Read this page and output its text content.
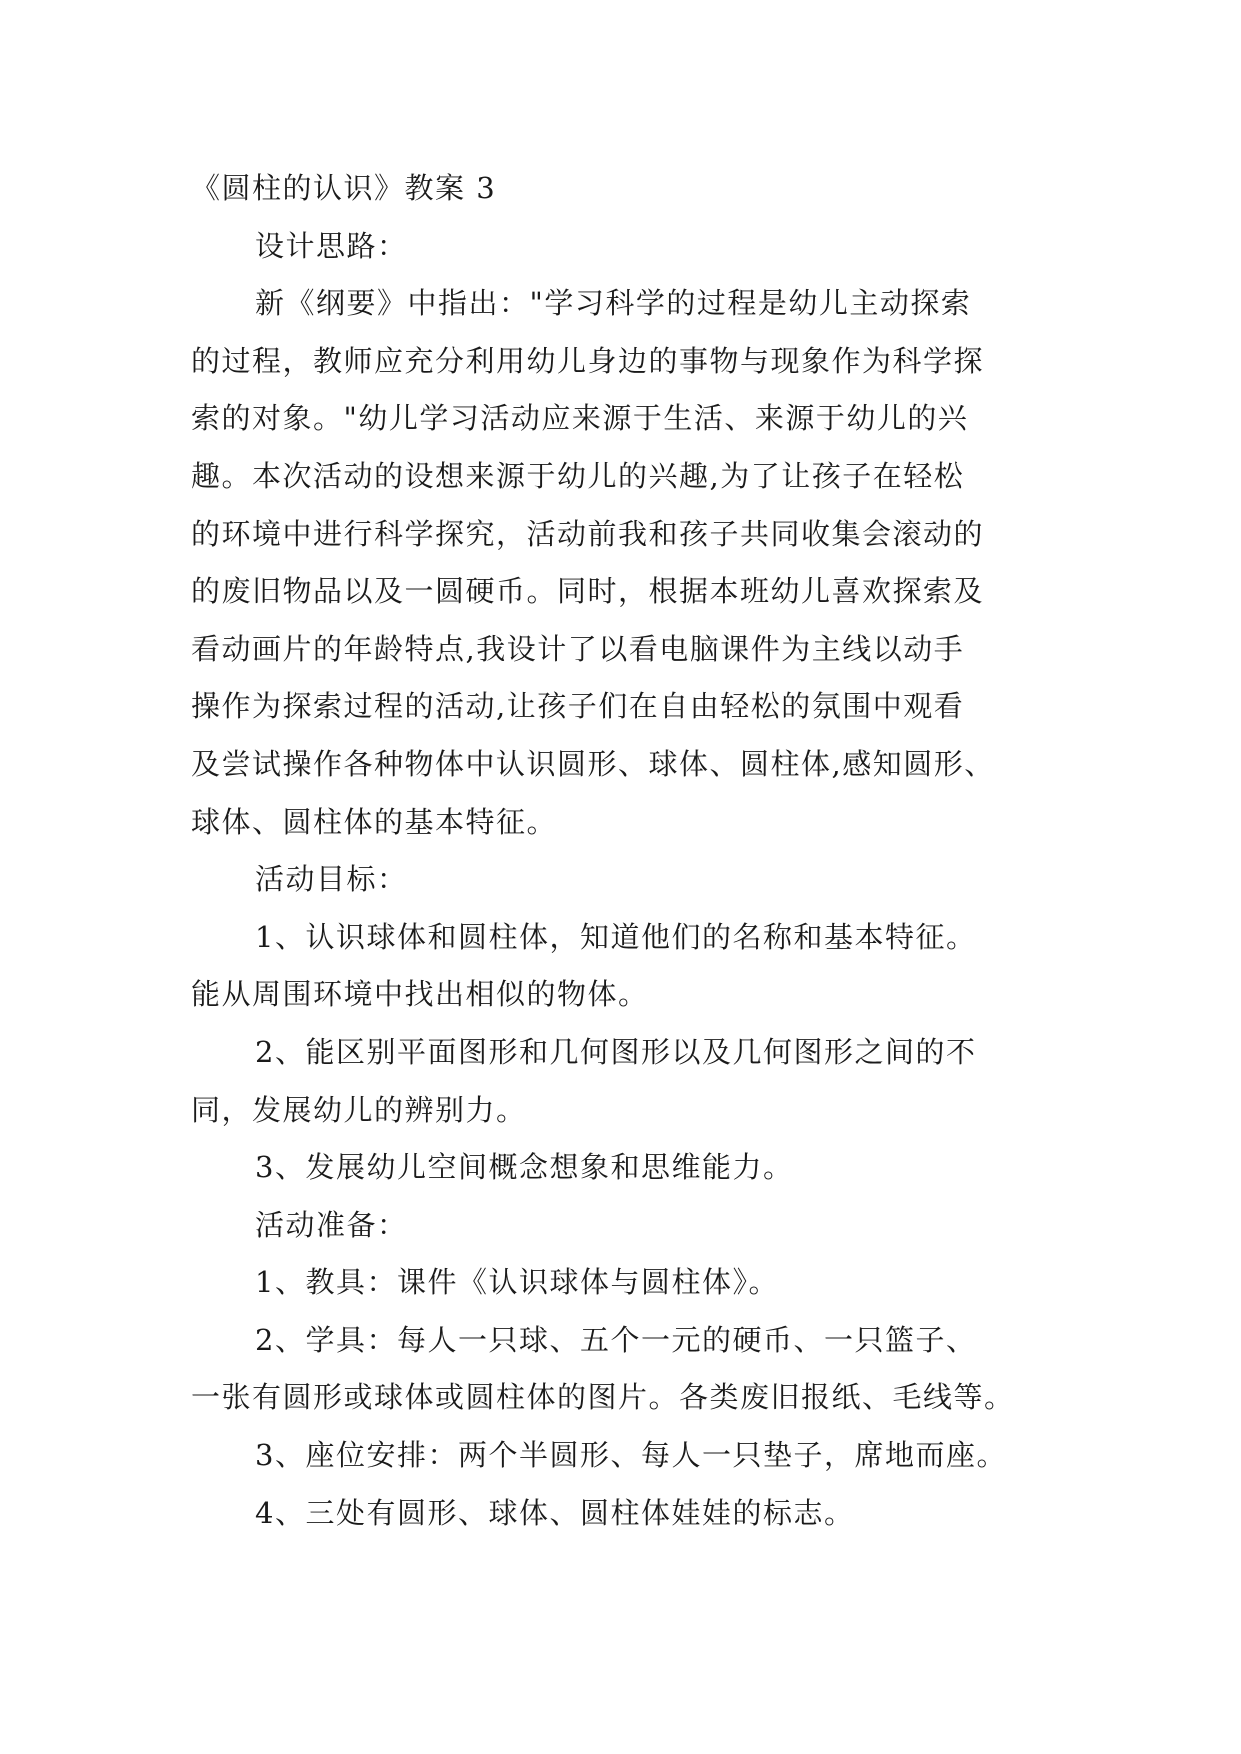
《圆柱的认识》教案 3
设计思路：
新《纲要》中指出："学习科学的过程是幼儿主动探索
的过程，教师应充分利用幼儿身边的事物与现象作为科学探
索的对象。"幼儿学习活动应来源于生活、来源于幼儿的兴
趣。本次活动的设想来源于幼儿的兴趣,为了让孩子在轻松
的环境中进行科学探究，活动前我和孩子共同收集会滚动的
的废旧物品以及一圆硬币。同时，根据本班幼儿喜欢探索及
看动画片的年龄特点,我设计了以看电脑课件为主线以动手
操作为探索过程的活动,让孩子们在自由轻松的氛围中观看
及尝试操作各种物体中认识圆形、球体、圆柱体,感知圆形、
球体、圆柱体的基本特征。
活动目标：
1、认识球体和圆柱体，知道他们的名称和基本特征。
能从周围环境中找出相似的物体。
2、能区别平面图形和几何图形以及几何图形之间的不
同，发展幼儿的辨别力。
3、发展幼儿空间概念想象和思维能力。
活动准备：
1、教具：课件《认识球体与圆柱体》。
2、学具：每人一只球、五个一元的硬币、一只篮子、
一张有圆形或球体或圆柱体的图片。各类废旧报纸、毛线等。
3、座位安排：两个半圆形、每人一只垫子，席地而座。
4、三处有圆形、球体、圆柱体娃娃的标志。
